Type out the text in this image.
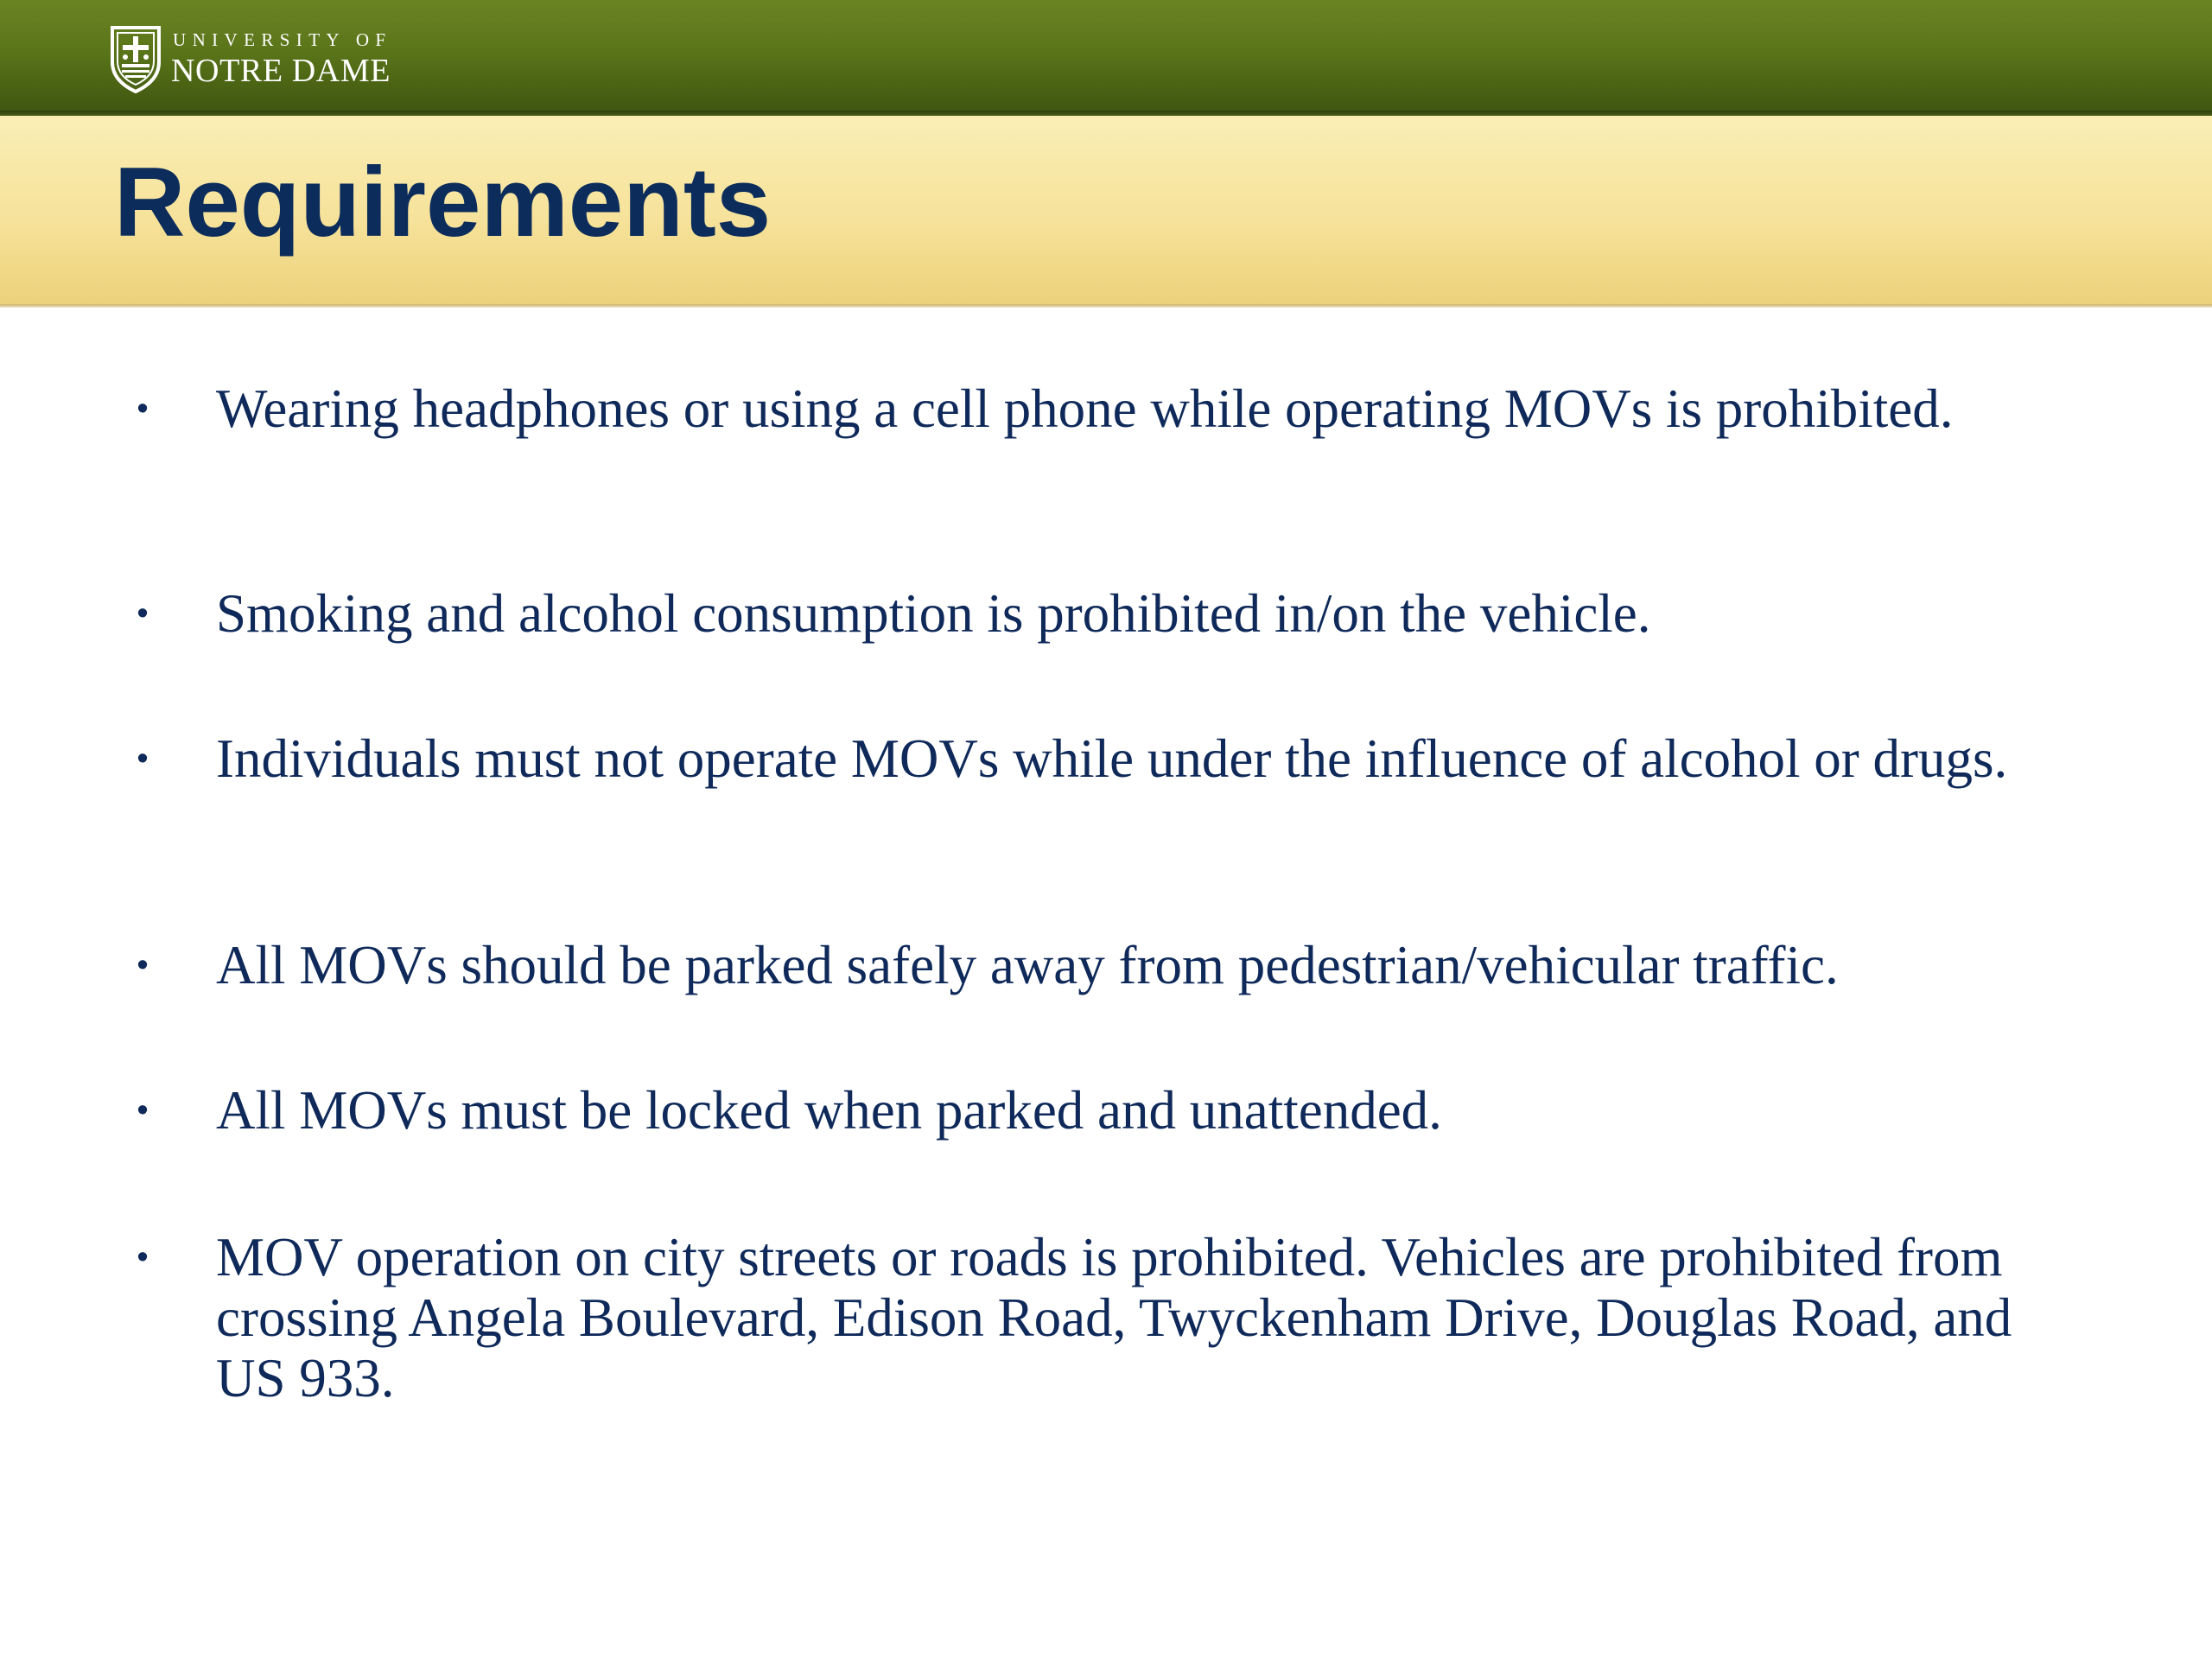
UNIVERSITY OF
NOTRE DAME
Requirements
• Wearing headphones or using a cell phone while operating MOVs is prohibited.
• Smoking and alcohol consumption is prohibited in/on the vehicle.
• Individuals must not operate MOVs while under the influence of alcohol or drugs.
• All MOVs should be parked safely away from pedestrian/vehicular traffic.
• All MOVs must be locked when parked and unattended.
• MOV operation on city streets or roads is prohibited. Vehicles are prohibited from crossing Angela Boulevard, Edison Road, Twyckenham Drive, Douglas Road, and US 933.
